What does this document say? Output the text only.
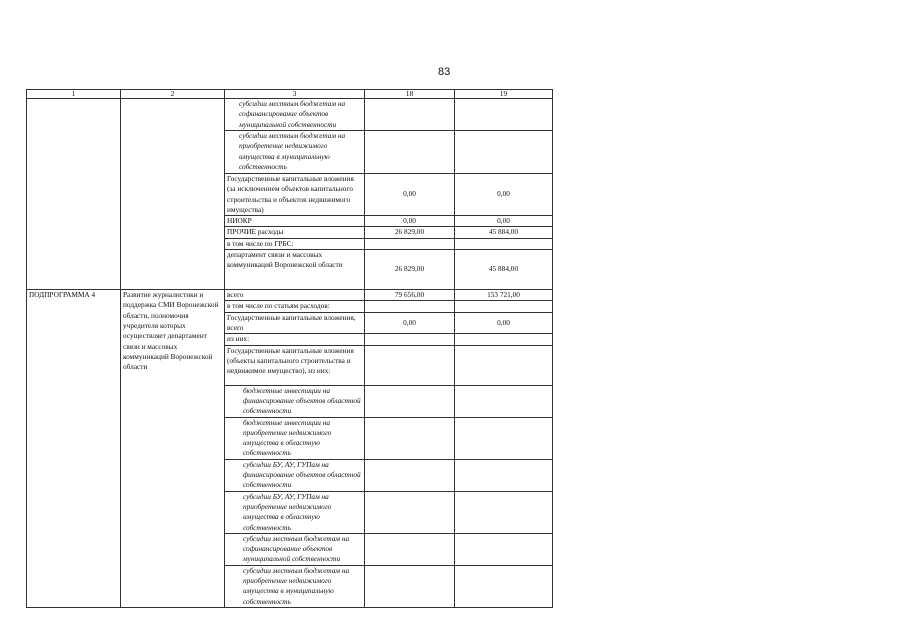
83
1	2	3	18	19
		субсидии местным бюджетам на софинансирование объектов муниципальной собственности		
		субсидии местным бюджетам на приобретение недвижимого имущества в муниципальную собственность		
		Государственные капитальные вложения (за исключением объектов капитального строительства и объектов недвижимого имущества)	0,00	0,00
		НИОКР	0,00	0,00
		ПРОЧИЕ расходы	26 829,00	45 884,00
		в том числе по ГРБС:		
		департамент связи и массовых коммуникаций Воронежской области	26 829,00	45 884,00
ПОДПРОГРАММА 4	Развитие журналистики и поддержка СМИ Воронежской области, полномочия учредителя которых осуществляет департамент связи и массовых коммуникаций Воронежской области	всего	79 656,00	153 721,00
		в том числе по статьям расходов:		
		Государственные капитальные вложения, всего	0,00	0,00
		из них:		
		Государственные капитальные вложения (объекты капитального строительства и недвижимое имущество), из них:		
		бюджетные инвестиции на финансирование объектов областной собственности		
		бюджетные инвестиции на приобретение недвижимого имущества в областную собственность		
		субсидии БУ, АУ, ГУПам на финансирование объектов областной собственности		
		субсидии БУ, АУ, ГУПам на приобретение недвижимого имущества в областную собственность		
		субсидии местным бюджетам на софинансирование объектов муниципальной собственности		
		субсидии местным бюджетам на приобретение недвижимого имущества в муниципальную собственность		
